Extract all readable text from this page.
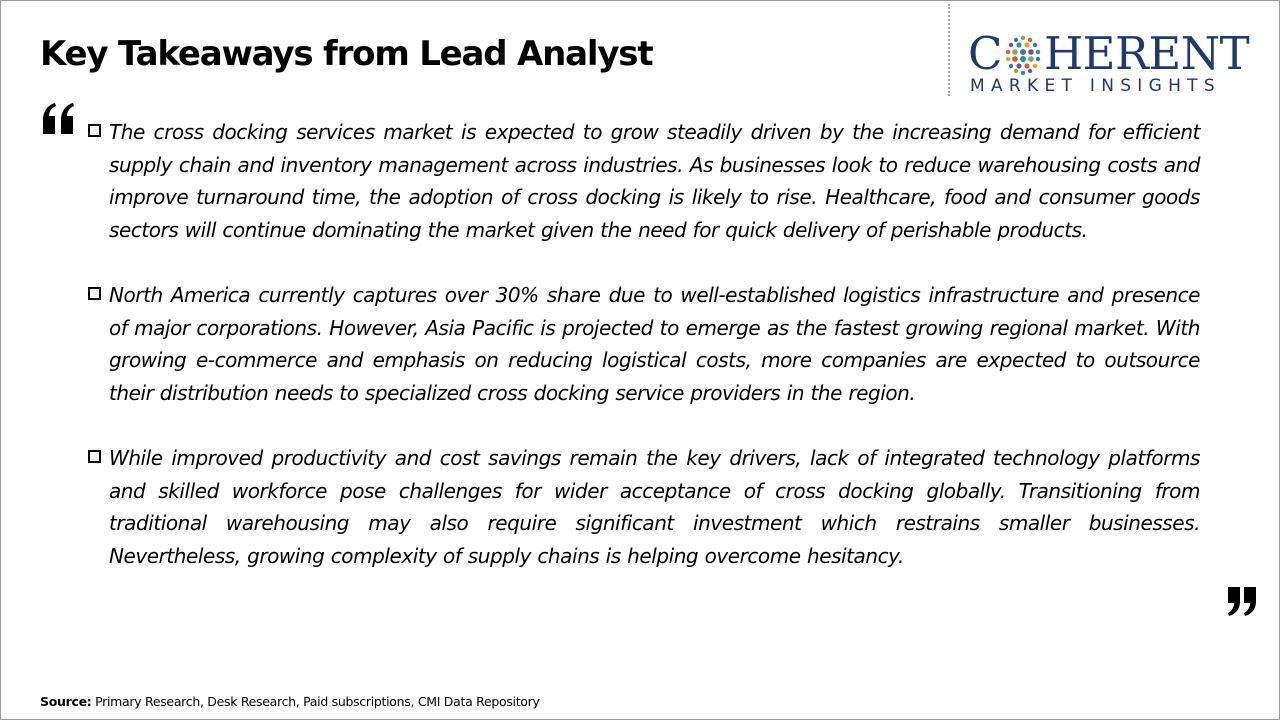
Key Takeaways from Lead Analyst	C HERENT
MARKET INSIGHTS
The cross docking services market is expected to grow steadily driven by the increasing demand for efficient supply chain and inventory management across industries. As businesses look to reduce warehousing costs and improve turnaround time, the adoption of cross docking is likely to rise. Healthcare, food and consumer goods sectors will continue dominating the market given the need for quick delivery of perishable products.
North America currently captures over 30% share due to well-established logistics infrastructure and presence of major corporations. However, Asia Pacific is projected to emerge as the fastest growing regional market. With growing e-commerce and emphasis on reducing logistical costs, more companies are expected to outsource their distribution needs to specialized cross docking service providers in the region.
While improved productivity and cost savings remain the key drivers, lack of integrated technology platforms and skilled workforce pose challenges for wider acceptance of cross docking globally. Transitioning from traditional warehousing may also require significant investment which restrains smaller businesses. Nevertheless, growing complexity of supply chains is helping overcome hesitancy.
Source: Primary Research, Desk Research, Paid subscriptions, CMI Data Repository
